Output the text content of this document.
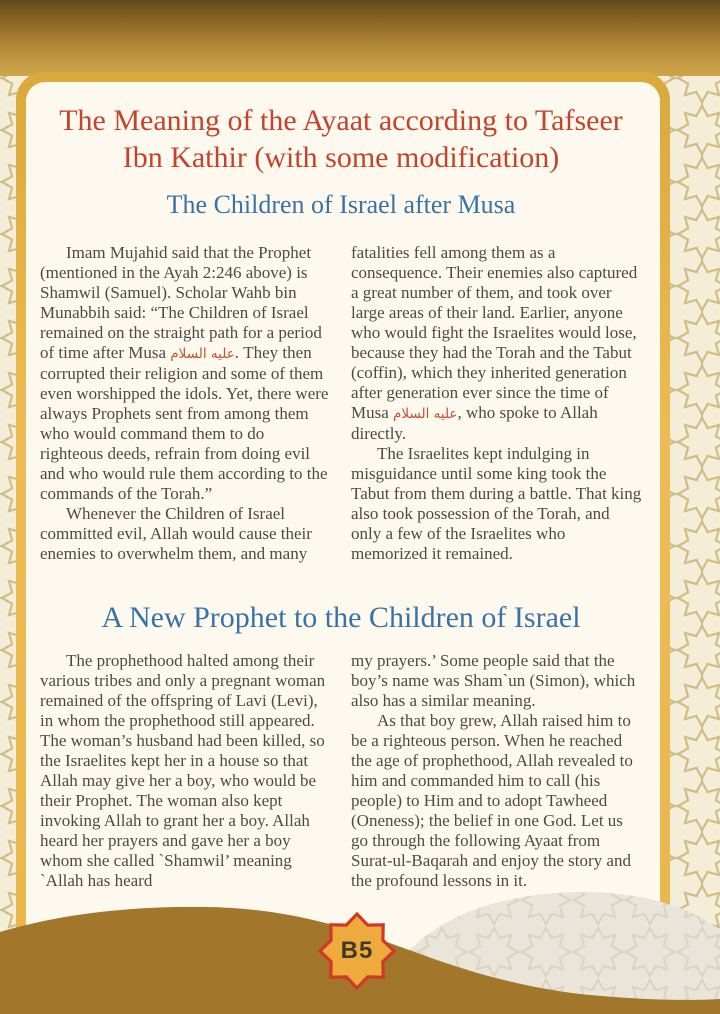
The Meaning of the Ayaat according to Tafseer Ibn Kathir (with some modification)
The Children of Israel after Musa

Imam Mujahid said that the Prophet (mentioned in the Ayah 2:246 above) is Shamwil (Samuel). Scholar Wahb bin Munabbih said: “The Children of Israel remained on the straight path for a period of time after Musa عليه السلام. They then corrupted their religion and some of them even worshipped the idols. Yet, there were always Prophets sent from among them who would command them to do righteous deeds, refrain from doing evil and who would rule them according to the commands of the Torah.”

Whenever the Children of Israel committed evil, Allah would cause their enemies to overwhelm them, and many

fatalities fell among them as a consequence. Their enemies also captured a great number of them, and took over large areas of their land. Earlier, anyone who would fight the Israelites would lose, because they had the Torah and the Tabut (coffin), which they inherited generation after generation ever since the time of Musa عليه السلام, who spoke to Allah directly.

The Israelites kept indulging in misguidance until some king took the Tabut from them during a battle. That king also took possession of the Torah, and only a few of the Israelites who memorized it remained.

A New Prophet to the Children of Israel

The prophethood halted among their various tribes and only a pregnant woman remained of the offspring of Lavi (Levi), in whom the prophethood still appeared. The woman’s husband had been killed, so the Israelites kept her in a house so that Allah may give her a boy, who would be their Prophet. The woman also kept invoking Allah to grant her a boy. Allah heard her prayers and gave her a boy whom she called `Shamwil’ meaning `Allah has heard

my prayers.’ Some people said that the boy’s name was Sham`un (Simon), which also has a similar meaning.

As that boy grew, Allah raised him to be a righteous person. When he reached the age of prophethood, Allah revealed to him and commanded him to call (his people) to Him and to adopt Tawheed (Oneness); the belief in one God. Let us go through the following Ayaat from Surat-ul-Baqarah and enjoy the story and the profound lessons in it.

B5
